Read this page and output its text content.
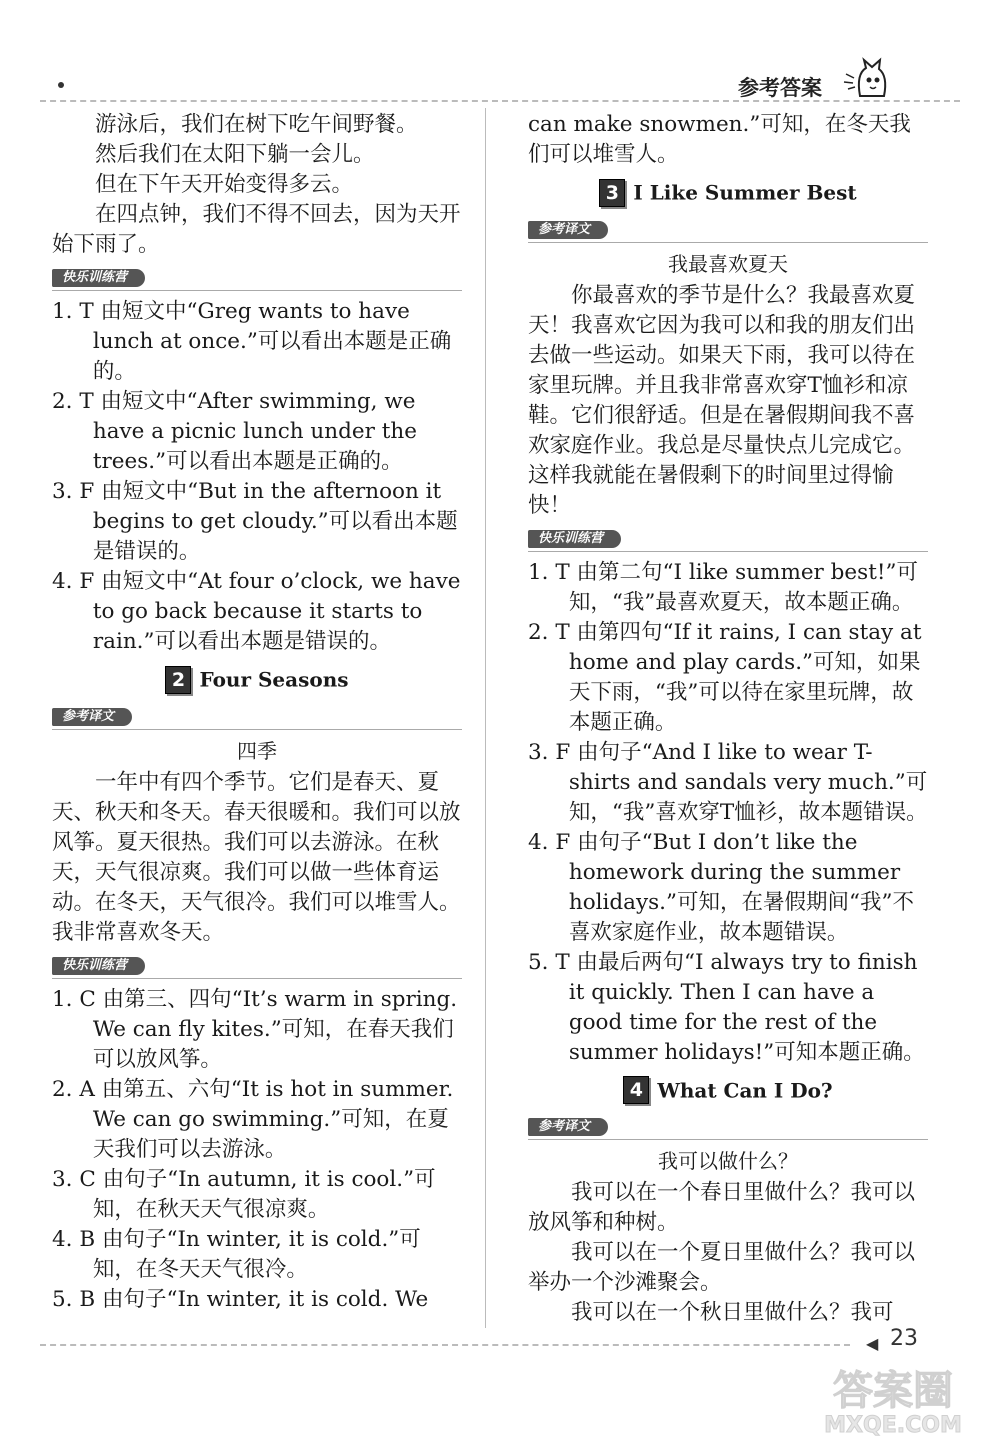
参考答案

游泳后，我们在树下吃午间野餐。

然后我们在太阳下躺一会儿。

但在下午天开始变得多云。

在四点钟，我们不得不回去，因为天开始下雨了。

快乐训练营

1. T 由短文中“Greg wants to have lunch at once.”可以看出本题是正确的。

2. T 由短文中“After swimming, we have a picnic lunch under the trees.”可以看出本题是正确的。

3. F 由短文中“But in the afternoon it begins to get cloudy.”可以看出本题是错误的。

4. F 由短文中“At four o’clock, we have to go back because it starts to rain.”可以看出本题是错误的。

2 Four Seasons
参考译文
四季

一年中有四个季节。它们是春天、夏天、秋天和冬天。春天很暖和。我们可以放风筝。夏天很热。我们可以去游泳。在秋天，天气很凉爽。我们可以做一些体育运动。在冬天，天气很冷。我们可以堆雪人。我非常喜欢冬天。

快乐训练营

1. C 由第三、四句“It’s warm in spring. We can fly kites.”可知，在春天我们可以放风筝。

2. A 由第五、六句“It is hot in summer. We can go swimming.”可知，在夏天我们可以去游泳。

3. C 由句子“In autumn, it is cool.”可知，在秋天天气很凉爽。

4. B 由句子“In winter, it is cold.”可知，在冬天天气很冷。

5. B 由句子“In winter, it is cold. We

can make snowmen.”可知，在冬天我们可以堆雪人。

3 I Like Summer Best
参考译文
我最喜欢夏天

你最喜欢的季节是什么？我最喜欢夏天！我喜欢它因为我可以和我的朋友们出去做一些运动。如果天下雨，我可以待在家里玩牌。并且我非常喜欢穿T恤衫和凉鞋。它们很舒适。但是在暑假期间我不喜欢家庭作业。我总是尽量快点儿完成它。这样我就能在暑假剩下的时间里过得愉快！

快乐训练营

1. T 由第二句“I like summer best!”可知，“我”最喜欢夏天，故本题正确。

2. T 由第四句“If it rains, I can stay at home and play cards.”可知，如果天下雨，“我”可以待在家里玩牌，故本题正确。

3. F 由句子“And I like to wear T-shirts and sandals very much.”可知，“我”喜欢穿T恤衫，故本题错误。

4. F 由句子“But I don’t like the homework during the summer holidays.”可知，在暑假期间“我”不喜欢家庭作业，故本题错误。

5. T 由最后两句“I always try to finish it quickly. Then I can have a good time for the rest of the summer holidays!”可知本题正确。

4 What Can I Do?
参考译文
我可以做什么？

我可以在一个春日里做什么？我可以放风筝和种树。

我可以在一个夏日里做什么？我可以举办一个沙滩聚会。

我可以在一个秋日里做什么？我可

◀ 23
答案圈
MXQE.COM
